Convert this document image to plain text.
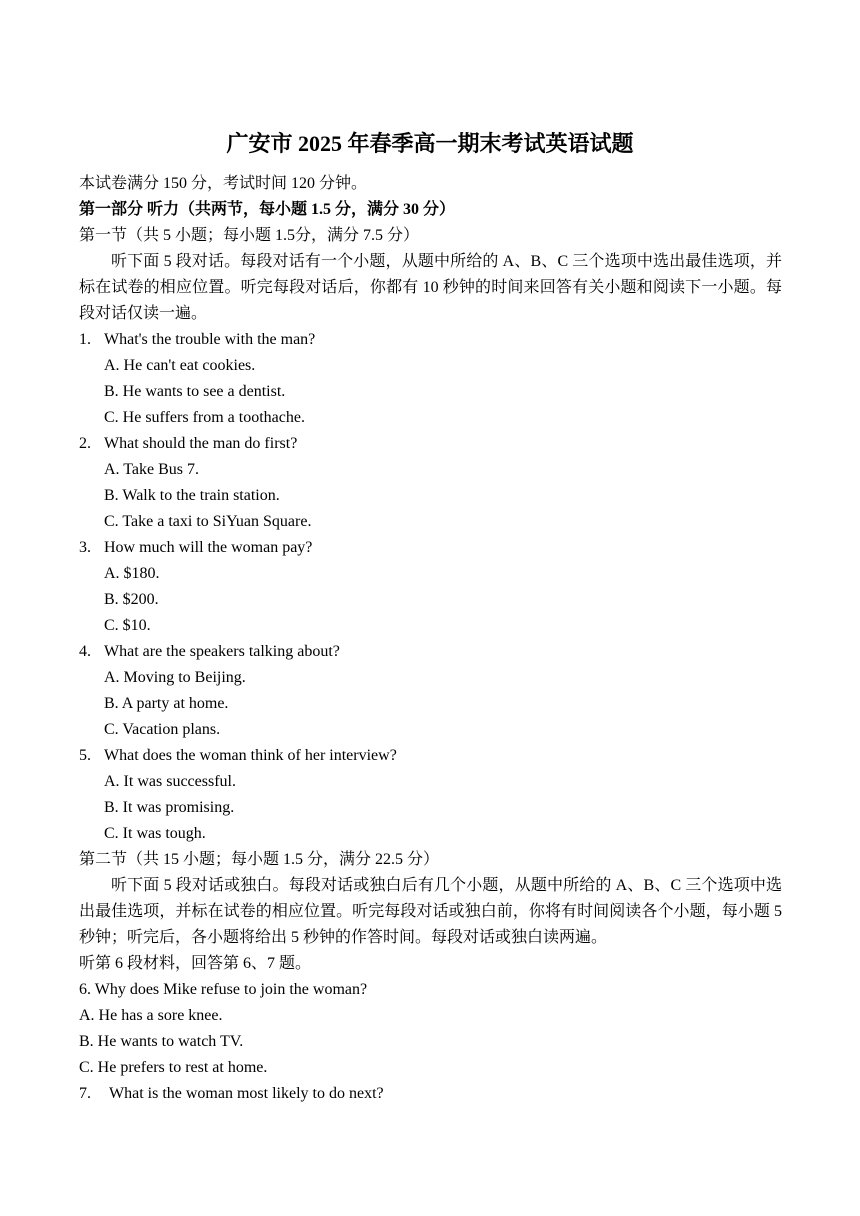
广安市 2025 年春季高一期末考试英语试题
本试卷满分 150 分，考试时间 120 分钟。
第一部分 听力（共两节，每小题 1.5 分，满分 30 分）
第一节（共 5 小题；每小题 1.5分，满分 7.5 分）
听下面 5 段对话。每段对话有一个小题，从题中所给的 A、B、C 三个选项中选出最佳选项，并标在试卷的相应位置。听完每段对话后，你都有 10 秒钟的时间来回答有关小题和阅读下一小题。每段对话仅读一遍。
1. What's the trouble with the man?
A. He can't eat cookies.
B. He wants to see a dentist.
C. He suffers from a toothache.
2. What should the man do first?
A. Take Bus 7.
B. Walk to the train station.
C. Take a taxi to SiYuan Square.
3. How much will the woman pay?
A. $180.
B. $200.
C. $10.
4. What are the speakers talking about?
A. Moving to Beijing.
B. A party at home.
C. Vacation plans.
5. What does the woman think of her interview?
A. It was successful.
B. It was promising.
C. It was tough.
第二节（共 15 小题；每小题 1.5 分，满分 22.5 分）
听下面 5 段对话或独白。每段对话或独白后有几个小题，从题中所给的 A、B、C 三个选项中选出最佳选项，并标在试卷的相应位置。听完每段对话或独白前，你将有时间阅读各个小题，每小题 5 秒钟；听完后，各小题将给出 5 秒钟的作答时间。每段对话或独白读两遍。
听第 6 段材料，回答第 6、7 题。
6. Why does Mike refuse to join the woman?
A. He has a sore knee.
B. He wants to watch TV.
C. He prefers to rest at home.
7.	What is the woman most likely to do next?
